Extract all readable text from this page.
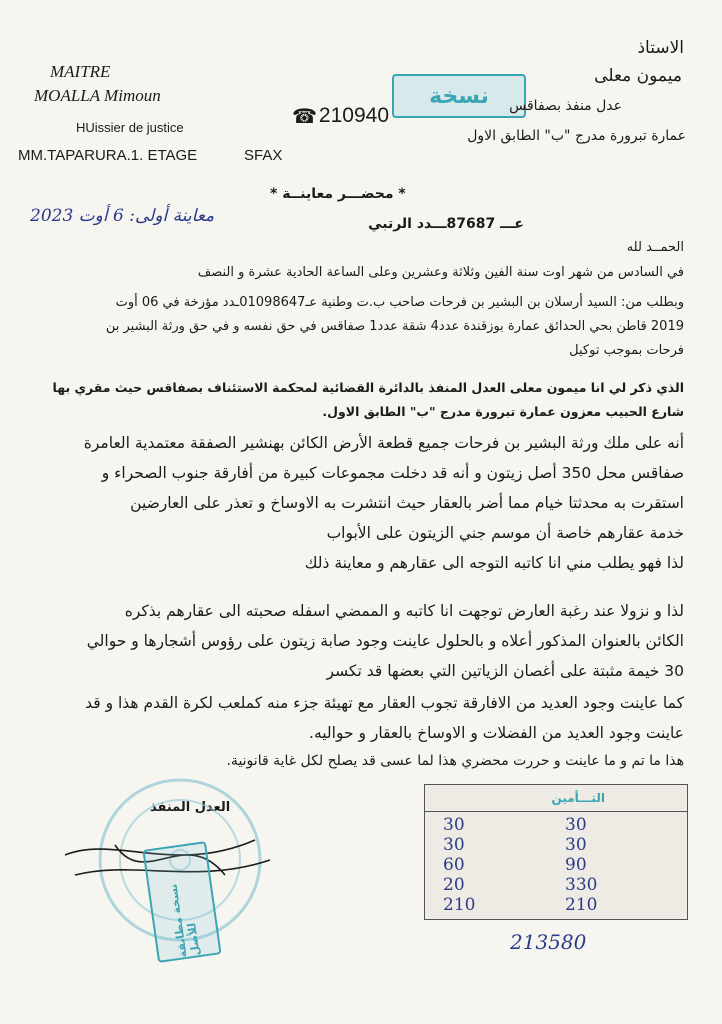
MAITRE
MOALLA Mimoun
HUissier de justice
MM.TAPARURA.1. ETAGE	SFAX
☎ 210940
نسخة
الاستاذ
ميمون معلى
عدل منفذ بصفاقس
عمارة تبرورة مدرج "ب" الطابق الاول
* محضـــر معاينــة *
معاينة أولى: 6 أوت 2023	عـــ 87687ـــدد الرتبي
الحمــد لله
في السادس من شهر اوت سنة الفين وثلاثة وعشرين وعلى الساعة الحادية عشرة و النصف
وبطلب من: السيد أرسلان بن البشير بن فرحات صاحب ب.ت وطنية عـ01098647ـدد مؤرخة في 06 أوت
2019 قاطن بحي الحدائق عمارة بوزقندة عدد4 شقة عدد1 صفاقس في حق نفسه و في حق ورثة البشير بن
فرحات بموجب توكيل
الذي ذكر لي انا ميمون معلى العدل المنفذ بالدائرة القضائية لمحكمة الاستئناف بصفاقس حيث مقري بها
شارع الحبيب معزون عمارة تبرورة مدرج "ب" الطابق الاول.
أنه على ملك ورثة البشير بن فرحات جميع قطعة الأرض الكائن بهنشير الصفقة معتمدية العامرة
صفاقس محل 350 أصل زيتون و أنه قد دخلت مجموعات كبيرة من أفارقة جنوب الصحراء و
استقرت به محدثتا خيام مما أضر بالعقار حيث انتشرت به الاوساخ و تعذر على العارضين
خدمة عقارهم خاصة أن موسم جني الزيتون على الأبواب
لذا فهو يطلب مني انا كاتبه التوجه الى عقارهم و معاينة ذلك
لذا و نزولا عند رغبة العارض توجهت انا كاتبه و الممضي اسفله صحبته الى عقارهم بذكره
الكائن بالعنوان المذكور أعلاه و بالحلول عاينت وجود صابة زيتون على رؤوس أشجارها و حوالي
30 خيمة مثبتة على أغصان الزياتين التي بعضها قد تكسر
كما عاينت وجود العديد من الافارقة تجوب العقار مع تهيئة جزء منه كملعب لكرة القدم هذا و قد
عاينت وجود العديد من الفضلات و الاوساخ بالعقار و حواليه.
هذا ما تم و ما عاينت و حررت محضري هذا لما عسى قد يصلح لكل غاية قانونية.
العدل المنفذ
نسخة مطابقة للأصل
التـــأمين
30
30
60
20
210
30
30
90
330
210
213580
